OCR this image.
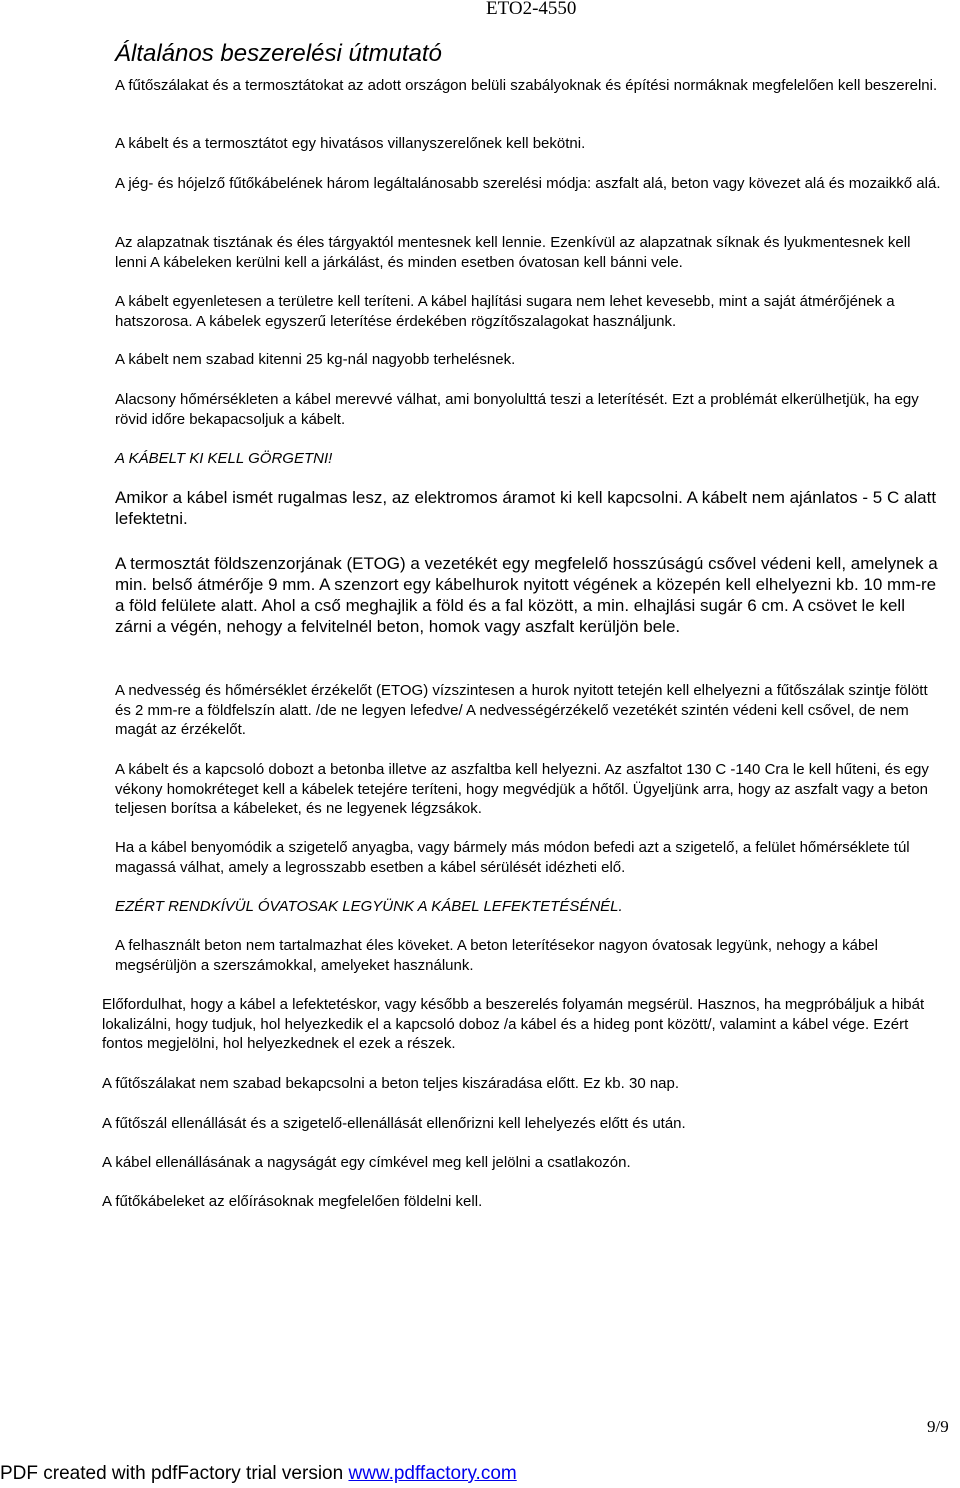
ETO2-4550
Általános beszerelési útmutató
A fűtőszálakat és a termosztátokat az adott országon belüli szabályoknak és építési normáknak megfelelően kell beszerelni.
A kábelt és a termosztátot egy hivatásos villanyszerelőnek kell bekötni.
A jég- és hójelző fűtőkábelének három legáltalánosabb szerelési módja: aszfalt alá, beton vagy kövezet alá és mozaikkő alá.
Az alapzatnak tisztának és éles tárgyaktól mentesnek kell lennie. Ezenkívül az alapzatnak síknak és lyukmentesnek kell lenni A kábeleken kerülni kell a járkálást, és minden esetben óvatosan kell bánni vele.
A kábelt egyenletesen a területre kell teríteni. A kábel hajlítási sugara nem lehet kevesebb, mint a saját átmérőjének a hatszorosa. A kábelek egyszerű leterítése érdekében rögzítőszalagokat használjunk.
A kábelt nem szabad kitenni 25 kg-nál nagyobb terhelésnek.
Alacsony hőmérsékleten a kábel merevvé válhat, ami bonyolulttá teszi a leterítését. Ezt a problémát elkerülhetjük, ha egy rövid időre bekapacsoljuk a kábelt.
A KÁBELT KI KELL GÖRGETNI!
Amikor a kábel ismét rugalmas lesz, az elektromos áramot ki kell kapcsolni. A kábelt nem ajánlatos - 5 C alatt lefektetni.
A termosztát földszenzorjának (ETOG) a vezetékét egy megfelelő hosszúságú csővel védeni kell, amelynek a min. belső átmérője 9 mm. A szenzort egy kábelhurok nyitott végének a közepén kell elhelyezni kb. 10 mm-re a föld felülete alatt. Ahol a cső meghajlik a föld és a fal között, a min. elhajlási sugár 6 cm. A csövet le kell zárni a végén, nehogy a felvitelnél beton, homok vagy aszfalt kerüljön bele.
A nedvesség és hőmérséklet érzékelőt (ETOG) vízszintesen a hurok nyitott tetején kell elhelyezni a fűtőszálak szintje fölött és 2 mm-re a földfelszín alatt. /de ne legyen lefedve/ A nedvességérzékelő vezetékét szintén védeni kell csővel, de nem magát az érzékelőt.
A kábelt és a kapcsoló dobozt a betonba illetve az aszfaltba kell helyezni. Az aszfaltot 130 C -140 Cra le kell hűteni, és egy vékony homokréteget kell a kábelek tetejére teríteni, hogy megvédjük a hőtől. Ügyeljünk arra, hogy az aszfalt vagy a beton teljesen borítsa a kábeleket, és ne legyenek légzsákok.
Ha a kábel benyomódik a szigetelő anyagba, vagy bármely más módon befedi azt a szigetelő, a felület hőmérséklete túl magassá válhat, amely a legrosszabb esetben a kábel sérülését idézheti elő.
EZÉRT RENDKÍVÜL ÓVATOSAK LEGYÜNK A KÁBEL LEFEKTETÉSÉNÉL.
A felhasznált beton nem tartalmazhat éles köveket. A beton leterítésekor nagyon óvatosak legyünk, nehogy a kábel megsérüljön a szerszámokkal, amelyeket használunk.
Előfordulhat, hogy a kábel a lefektetéskor, vagy később a beszerelés folyamán megsérül. Hasznos, ha megpróbáljuk a hibát lokalizálni, hogy tudjuk, hol helyezkedik el a kapcsoló doboz /a kábel és a hideg pont között/, valamint a kábel vége. Ezért fontos megjelölni, hol helyezkednek el ezek a részek.
A fűtőszálakat nem szabad bekapcsolni a beton teljes kiszáradása előtt. Ez kb. 30 nap.
A fűtőszál ellenállását és a szigetelő-ellenállását ellenőrizni kell lehelyezés előtt és után.
A kábel ellenállásának a nagyságát egy címkével meg kell jelölni a csatlakozón.
A fűtőkábeleket az előírásoknak megfelelően földelni kell.
9/9
PDF created with pdfFactory trial version www.pdffactory.com
